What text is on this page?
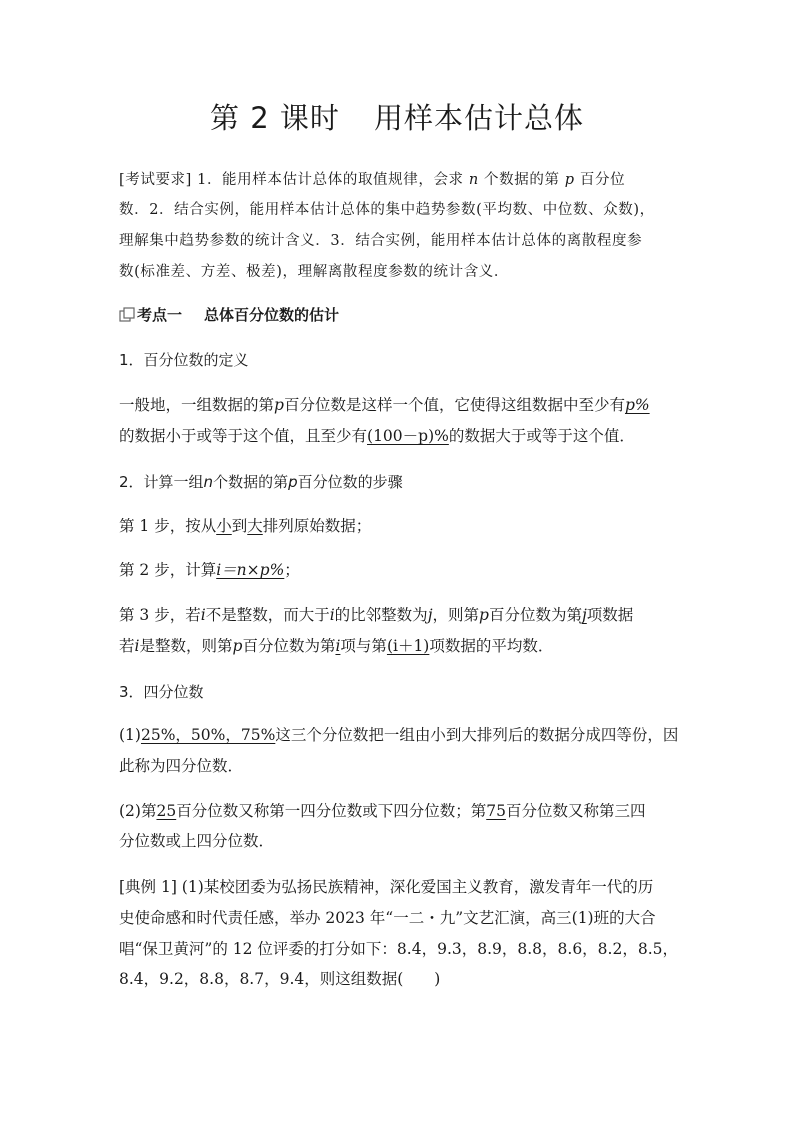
第 2 课时 用样本估计总体
[考试要求] 1．能用样本估计总体的取值规律，会求 n 个数据的第 p 百分位
数．2．结合实例，能用样本估计总体的集中趋势参数(平均数、中位数、众数)，
理解集中趋势参数的统计含义．3．结合实例，能用样本估计总体的离散程度参
数(标准差、方差、极差)，理解离散程度参数的统计含义．
考点一 总体百分位数的估计
1．百分位数的定义
一般地，一组数据的第p百分位数是这样一个值，它使得这组数据中至少有p%
的数据小于或等于这个值，且至少有(100－p)%的数据大于或等于这个值．
2．计算一组n个数据的第p百分位数的步骤
第 1 步，按从小到大排列原始数据；
第 2 步，计算i＝n×p%；
第 3 步，若i不是整数，而大于i的比邻整数为j，则第p百分位数为第j项数据
若i是整数，则第p百分位数为第i项与第(i＋1)项数据的平均数．
3．四分位数
(1)25%，50%，75%这三个分位数把一组由小到大排列后的数据分成四等份，因
此称为四分位数．
(2)第25百分位数又称第一四分位数或下四分位数；第75百分位数又称第三四
分位数或上四分位数．
[典例 1] (1)某校团委为弘扬民族精神，深化爱国主义教育，激发青年一代的历
史使命感和时代责任感，举办 2023 年“一二・九”文艺汇演，高三(1)班的大合
唱“保卫黄河”的 12 位评委的打分如下：8.4，9.3，8.9，8.8，8.6，8.2，8.5，
8.4，9.2，8.8，8.7，9.4，则这组数据(　　)
